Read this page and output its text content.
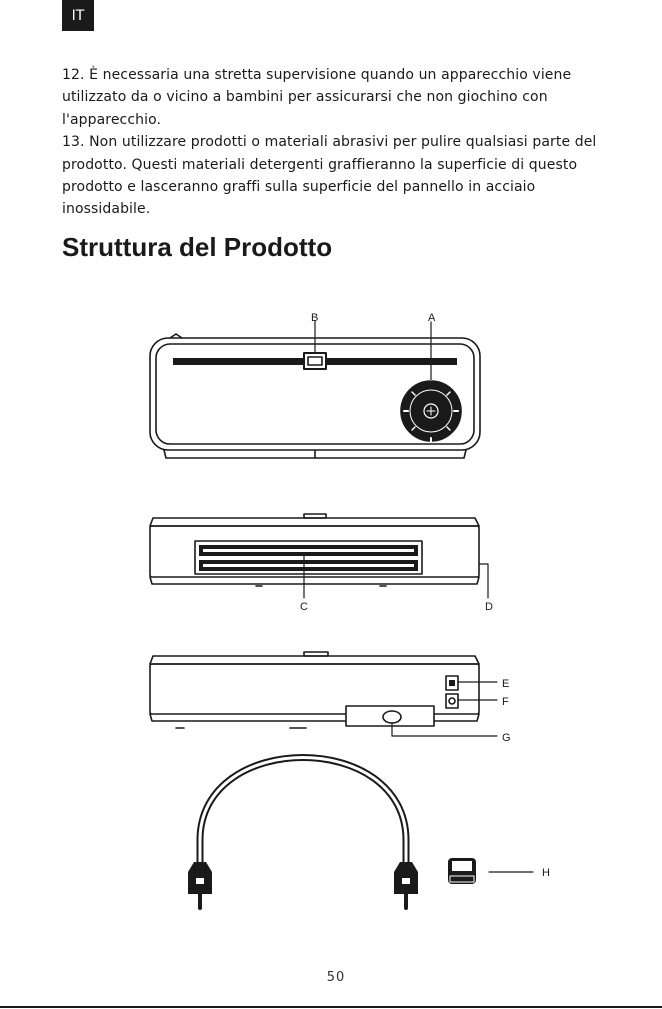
IT

12. È necessaria una stretta supervisione quando un apparecchio viene utilizzato da o vicino a bambini per assicurarsi che non giochino con l'apparecchio.

13. Non utilizzare prodotti o materiali abrasivi per pulire qualsiasi parte del prodotto. Questi materiali detergenti graffieranno la superficie di questo prodotto e lasceranno graffi sulla superficie del pannello in acciaio inossidabile.

Struttura del Prodotto
B	A
C	D
E
F
G
H
50
